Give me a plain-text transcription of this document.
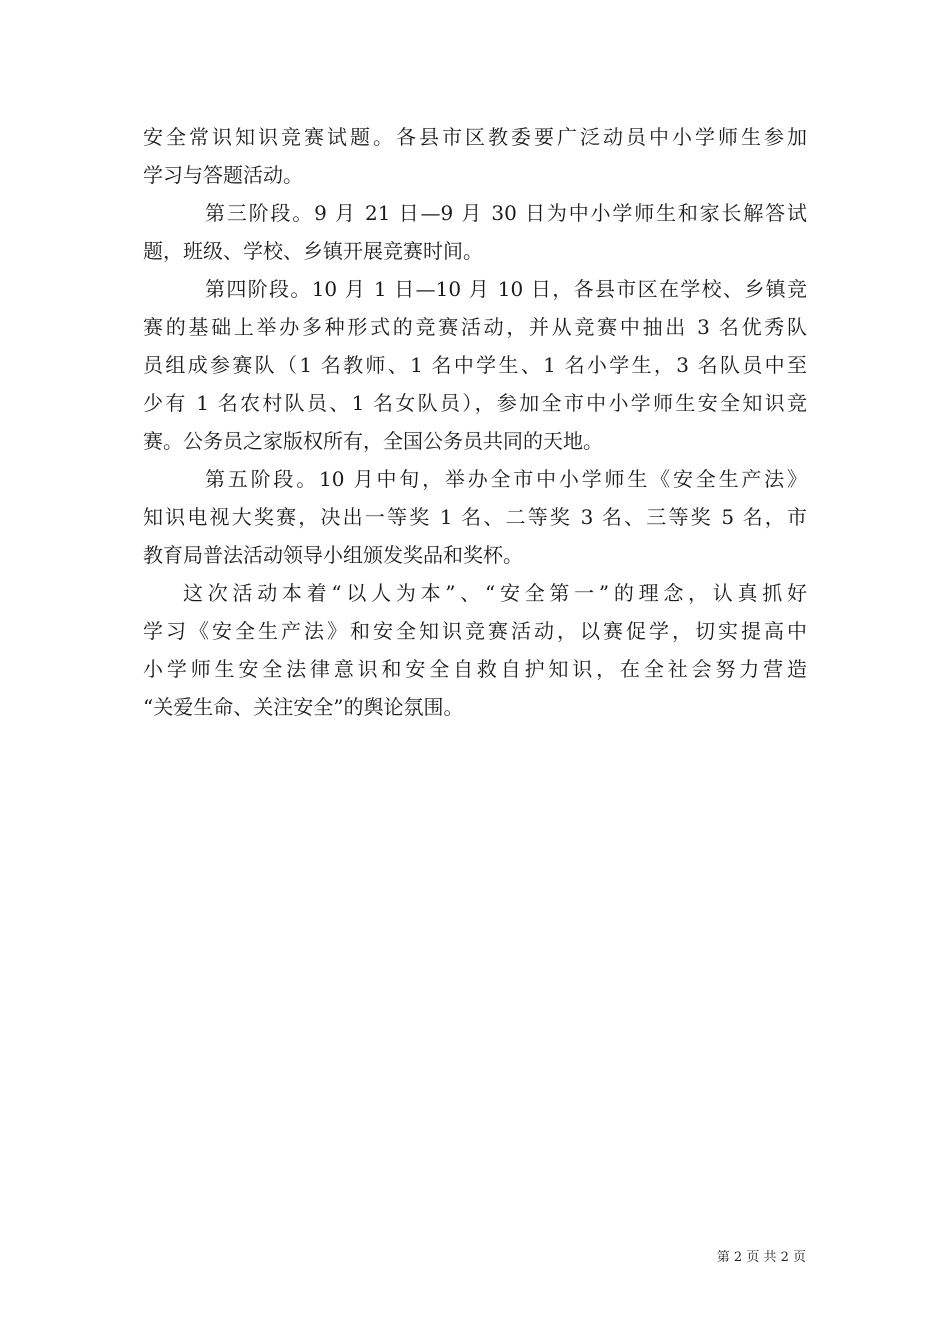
安全常识知识竞赛试题。各县市区教委要广泛动员中小学师生参加
学习与答题活动。
第三阶段。9 月 21 日—9 月 30 日为中小学师生和家长解答试
题，班级、学校、乡镇开展竞赛时间。
第四阶段。10 月 1 日—10 月 10 日，各县市区在学校、乡镇竞
赛的基础上举办多种形式的竞赛活动，并从竞赛中抽出 3 名优秀队
员组成参赛队（1 名教师、1 名中学生、1 名小学生，3 名队员中至
少有 1 名农村队员、1 名女队员），参加全市中小学师生安全知识竞
赛。公务员之家版权所有，全国公务员共同的天地。
第五阶段。10 月中旬，举办全市中小学师生《安全生产法》
知识电视大奖赛，决出一等奖 1 名、二等奖 3 名、三等奖 5 名，市
教育局普法活动领导小组颁发奖品和奖杯。
这次活动本着“以人为本”、“安全第一”的理念，认真抓好
学习《安全生产法》和安全知识竞赛活动，以赛促学，切实提高中
小学师生安全法律意识和安全自救自护知识，在全社会努力营造
“关爱生命、关注安全”的舆论氛围。
第 2 页 共 2 页
